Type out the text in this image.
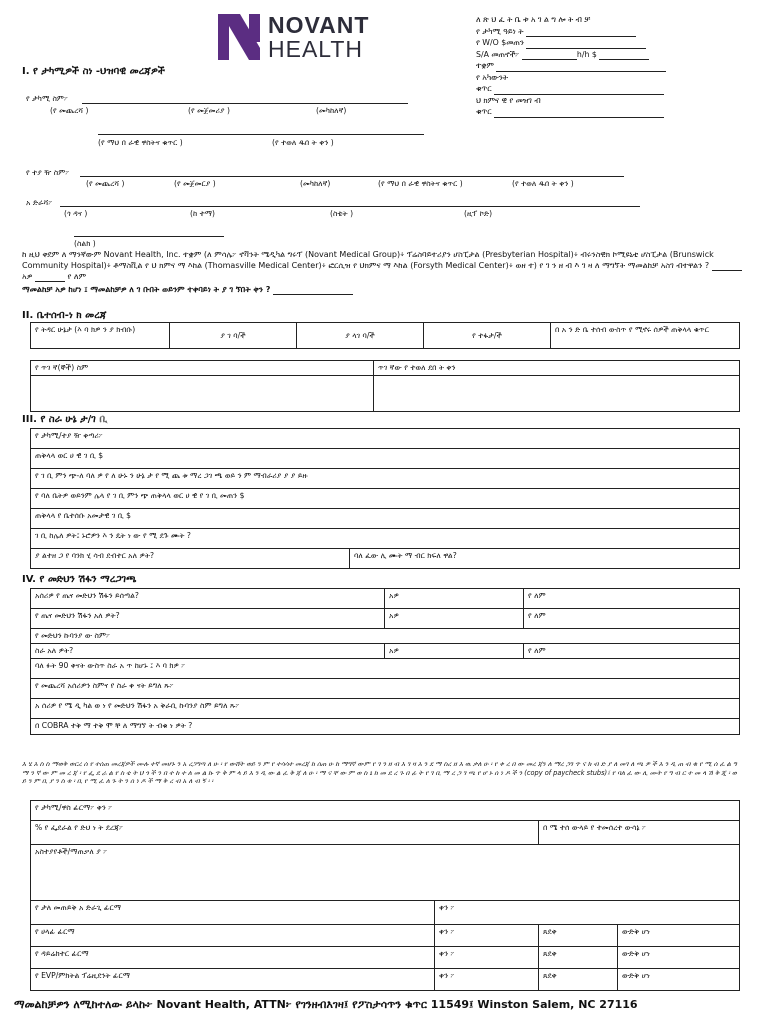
NOVANT
HEALTH
ለ ጽ ህ ፈ ት ቤ ቱ አ ገ ል ግ ሎ ት ብ ቻ
የ ታካሚ ዓይነ ት
የ W/O $መጠን
S/A መጠኖች፦	h/h $
ተቋም
የ አካውንት
ቁጥር
ህ ክምና ዊ የ መዝገ ብ
ቁጥር
I. የ ታካሚዎች ስነ -ህዝባዊ መረጃዎች
የ ታካሚ ስም፦
(የ መጨረሻ )	(የ መጀመሪያ )	(መካከለኛ)
(የ ማህ በ ራዊ ዋስትና ቁጥር )	(የ ተወለ ዱበ ት ቀን )
የ ተያ ዥ ስም፦
(የ መጨረሻ )	(የ መጀመርያ )	(መካከለኛ)	(የ ማህ በ ራዊ ዋስትና ቁጥር )	(የ ተወለ ዱበ ት ቀን )
አ ድራሻ፦
(ጎ ዳና )	(ከ ተማ)	(ስቴት )	(ዚፕ ኮድ)
(ስልክ )
ከ ዚህ ቀደም ለ ማንኛውም Novant Health, Inc. ተቋም (ለ ምሳሌ፦ ኖቫንት ሜዲካል ግሩፕ (Novant Medical Group)፥ ፕሬስባይተሪያን ሆስፒታል (Presbyterian Hospital)፥ ብሩንስዊክ ኮሚዩኒቲ ሆስፒታል (Brunswick Community Hospital)፥ ቶማስቪል የ ህ ክምና ማ እከል (Thomasville Medical Center)፥ ፎርሲዝ የ ህክምና ማ እከል (Forsyth Medical Center)፥ ወዘ ተ) የ ገ ን ዘ ብ እ ገ ዛ ለ ማግኘት ማመልከቻ አስገ ብተዋልን ?  አዎ	የ ለም
ማመልከቻ አዎ ከሆነ ፤ ማመልከቻዎ ለ ገ ቡበት ወይንም ተቀባይነ ት ያ ገ ኘበት ቀን ?
II. ቤተሰብ-ነ ክ መረጃ
የ ትዳር ሁኔታ (እ ባ ክዎ ን ያ ክብቡ)	ያ ገ ባ/ች	ያ ላገ ባ/ች	የ ተፋታ/ች	በ አ ን ድ ቤ ተሰብ ውስጥ የ ሚኖሩ ሰዎች ጠቅላላ ቁጥር
የ ጥገ ኛ(ኞች) ስም	ጥገ ኛው የ ተወለ ደበ ት ቀን

III. የ ስራ ሁኔ ታ/ገ ቢ
የ ታካሚ/ተያ ዥ ቀጣሪ፦
ጠቅላላ ወር ሀ ዊ ገ ቢ $
የ ገ ቢ ምን ጭ-ለ ባለ ዎ የ ለ ሁኑ ን ሁኔ ታ የ ሚ ጨ ቱ ማረ ጋገ ጫ ወይ ን ም ማብራሪያ ያ ያ ይዙ
የ ባለ ቤትዎ ወይንም ሌላ የ ገ ቢ ምን ጭ ጠቅላላ ወር ሀ ዊ የ ገ ቢ መጠን $
ጠቅላላ የ ቤተሰቡ አመታዊ ገ ቢ $
ገ ቢ ከሌለ ዎት፤ ኑሮዎን እ ን ዴት ነ ው የ ሚ ደጉ ሙት ?
ያ ልተዘ ጋ የ ባንክ ሂ ሳብ ደብተር አለ ዎት?	ባለ ፈው ሊ ሙት ማ ብር ክፍለ ዋል?
IV. የ መድህን ሽፋን ማረጋገጫ
አሰሪዎ የ ጤና መድህን ሽፋን ይሰጣል?	አዎ	የ ለም
የ ጤና መድህን ሽፋን አለ ዎት?	አዎ	የ ለም
የ መድህን ኩባንያ ው ስም፦		
ስራ አለ ዎት?	አዎ	የ ለም
ባለ ፉት 90 ቀናት ውስጥ ስራ አ ጥ ከሆኑ ፤ እ ባ ክዎ ፦		
የ መጨረሻ አሰሪዎን ስምና የ ስራ ቀ ናት ይግለ ጹ፦		
አ ሰሪዎ የ ሜ ዲ ካል ወ ነ የ መድህን ሽፋን አ ቅራቢ ኩባንያ ስም ይግለ ጹ፦		
በ COBRA ተቅ ማ ተቅ ሞ ቸ ለ ማግኘ ት ብቁ ነ ዎት ?		
እ ሄ እ ስ ስ ማወቅ ወርረ ሰ የ ተሰጠ መረጃዎች ሙሉ ተኛ መሆኑ ን አ ረጋግጣ ለ ሁ ፡ የ ውሸት ወይ ን ም የ ተሳሳተ መረጃ ከ ሰጠ ሁ ከ ማግኛ ውም የ ገ ን ዘ ብ እ ገ ዛ እ ን ደ ማ ስረ ዘ እ ዉ ቃለ ሁ ፡ የ ቀ ረ በ ው መረ ጃን ለ ማረ ጋገ ጥ ና ክ ብ ድ ያ ለ መገ ለ ጫ ዎ ች እ ን ዲ ጠ ብ ቁ የ ሚ ሰ ፈ ል ግ ማ ን ኛ ው ም መ ረ ጃ ፡ የ ፌ ደ ራ ል የ ስ ቴ ት ህ ጎ ች ን በ ተ ከ ተ ለ መ ል ኩ ጥ ቅ ም ላ ይ እ ን ዲ ው ል ፈ ቅ ጃ ለ ሁ ፡ ማ ና ቸ ው ም ወ ስ ኔ ከ መ ደ ረ ጉ በ ፊ ት የ ገ ቢ ማ ረ ጋ ገ ጫ የ ሆ ኑ ሰ ነ ዶ ች ን (copy of paycheck stubs)፤ የ ባለ ፈ ው ሊ ሙት የ ግ ብ ር ተ መ ላ ሽ ቅ ጂ ፡ ወ ይ ን ም ቢ ያ ን ስ ቱ ፡ ቢ የ ሚ ፈ ለ ጉ ት ን ሰ ነ ዶ ች ማ ቅ ረ ብ አ ለ ብ ኝ ፡ ፡
የ ታካሚ/ዋስ ፊርማ፦ ቀን ፦			
% የ ፌደራል የ ድህ ነ ት ደረጃ፦		በ ሜ ተሰ ውላይ የ ተመሰረተ ውሳኔ ፦	
አስተያየቶች/ማጠቃለ ያ ፦			
የ ታለ መጠይቅ አ ድራጊ ፊርማ	ቀን ፦		
የ ሀላፊ ፊርማ	ቀን ፦	ጸደቀ	ውድቅ ሆነ
የ ዳይሬክተር ፊርማ	ቀን ፦	ጸደቀ	ውድቅ ሆነ
የ EVP/ምክትል ፕሬዚደንት ፊርማ	ቀን ፦	ጸደቀ	ውድቅ ሆነ
ማመልከቻዎን ለሚከተለው ይላኩ፦ Novant Health, ATTN፦ የገንዘብእገዛ፤ የፖስታሳጥን ቁጥር 11549፤ Winston Salem, NC 27116
